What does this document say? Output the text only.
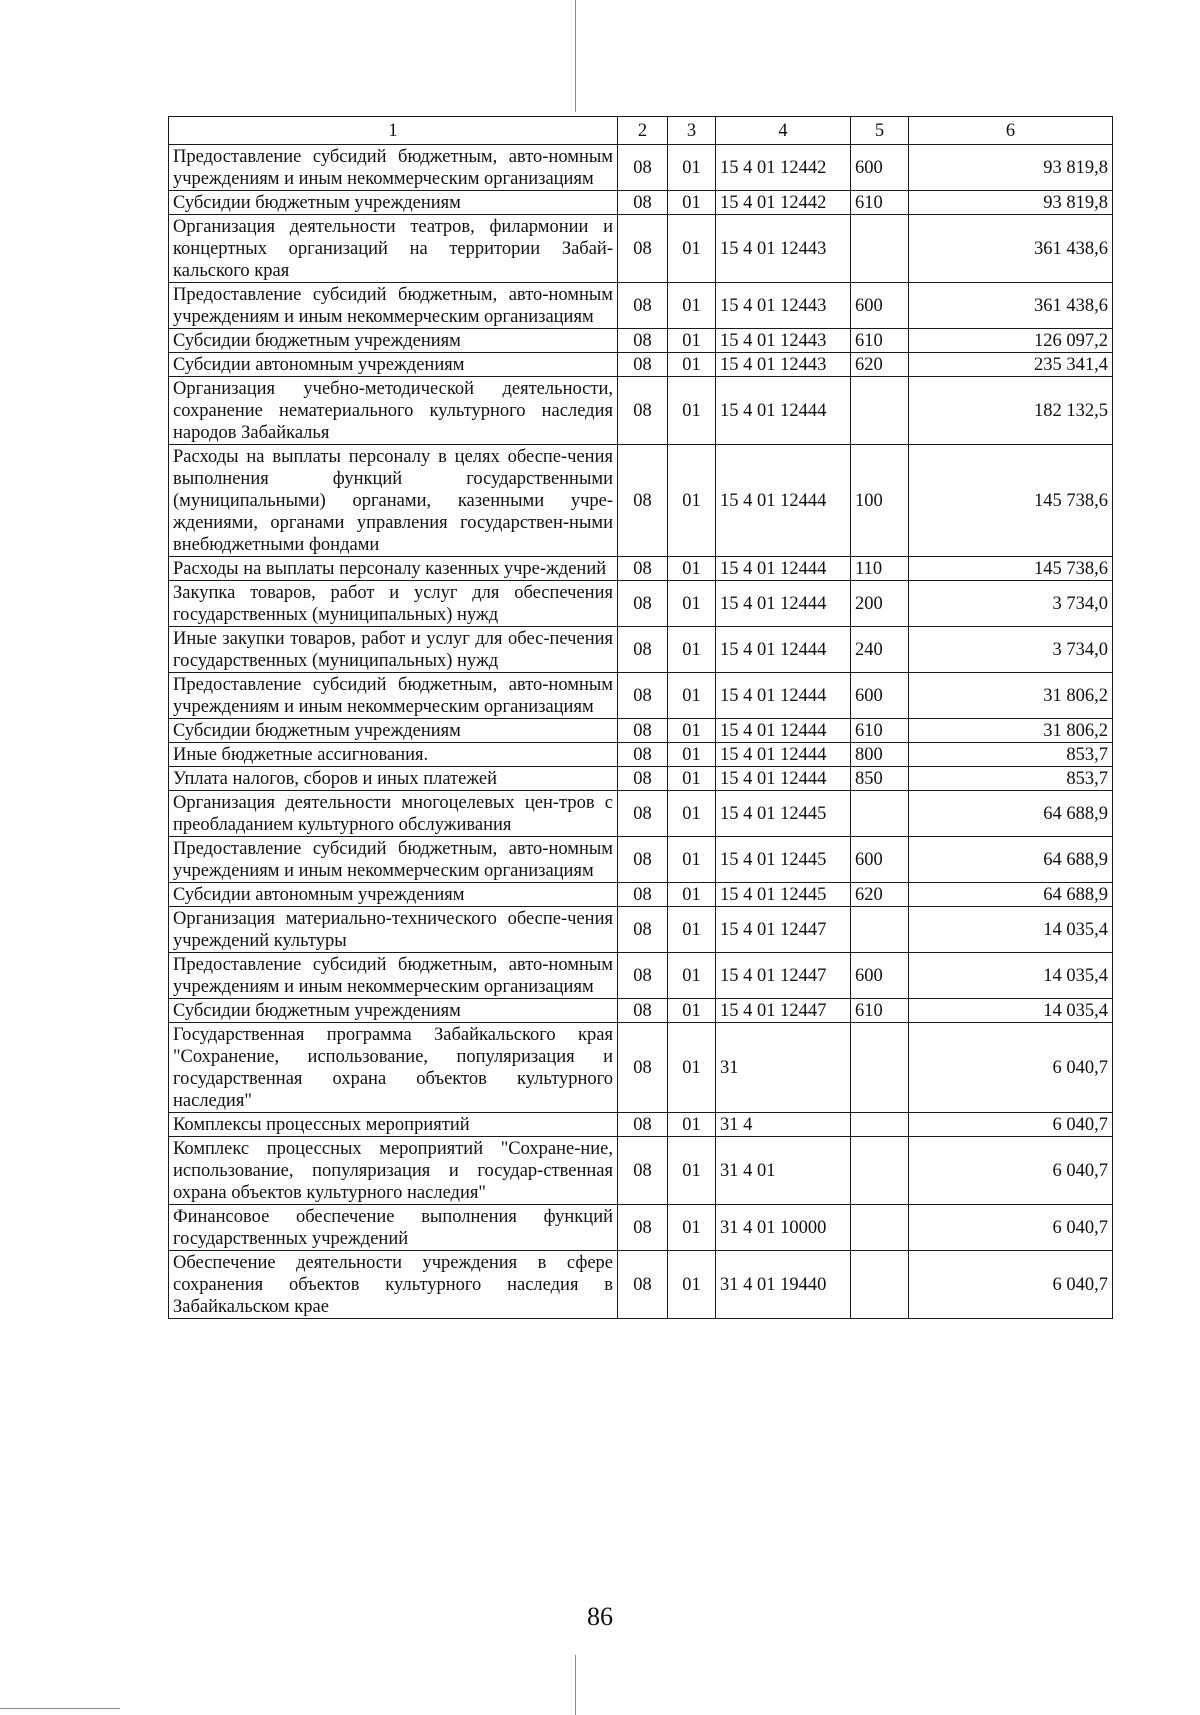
1	2	3	4	5	6
Предоставление субсидий бюджетным, авто-номным учреждениям и иным некоммерческим организациям	08	01	15 4 01 12442	600	93 819,8
Субсидии бюджетным учреждениям	08	01	15 4 01 12442	610	93 819,8
Организация деятельности театров, филармонии и концертных организаций на территории Забай-кальского края	08	01	15 4 01 12443		361 438,6
Предоставление субсидий бюджетным, авто-номным учреждениям и иным некоммерческим организациям	08	01	15 4 01 12443	600	361 438,6
Субсидии бюджетным учреждениям	08	01	15 4 01 12443	610	126 097,2
Субсидии автономным учреждениям	08	01	15 4 01 12443	620	235 341,4
Организация учебно-методической деятельности, сохранение нематериального культурного наследия народов Забайкалья	08	01	15 4 01 12444		182 132,5
Расходы на выплаты персоналу в целях обеспе-чения выполнения функций государственными (муниципальными) органами, казенными учре-ждениями, органами управления государствен-ными внебюджетными фондами	08	01	15 4 01 12444	100	145 738,6
Расходы на выплаты персоналу казенных учре-ждений	08	01	15 4 01 12444	110	145 738,6
Закупка товаров, работ и услуг для обеспечения государственных (муниципальных) нужд	08	01	15 4 01 12444	200	3 734,0
Иные закупки товаров, работ и услуг для обес-печения государственных (муниципальных) нужд	08	01	15 4 01 12444	240	3 734,0
Предоставление субсидий бюджетным, авто-номным учреждениям и иным некоммерческим организациям	08	01	15 4 01 12444	600	31 806,2
Субсидии бюджетным учреждениям	08	01	15 4 01 12444	610	31 806,2
Иные бюджетные ассигнования.	08	01	15 4 01 12444	800	853,7
Уплата налогов, сборов и иных платежей	08	01	15 4 01 12444	850	853,7
Организация деятельности многоцелевых цен-тров с преобладанием культурного обслуживания	08	01	15 4 01 12445		64 688,9
Предоставление субсидий бюджетным, авто-номным учреждениям и иным некоммерческим организациям	08	01	15 4 01 12445	600	64 688,9
Субсидии автономным учреждениям	08	01	15 4 01 12445	620	64 688,9
Организация материально-технического обеспе-чения учреждений культуры	08	01	15 4 01 12447		14 035,4
Предоставление субсидий бюджетным, авто-номным учреждениям и иным некоммерческим организациям	08	01	15 4 01 12447	600	14 035,4
Субсидии бюджетным учреждениям	08	01	15 4 01 12447	610	14 035,4
Государственная программа Забайкальского края "Сохранение, использование, популяризация и государственная охрана объектов культурного наследия"	08	01	31		6 040,7
Комплексы процессных мероприятий	08	01	31 4		6 040,7
Комплекс процессных мероприятий "Сохране-ние, использование, популяризация и государ-ственная охрана объектов культурного наследия"	08	01	31 4 01		6 040,7
Финансовое обеспечение выполнения функций государственных учреждений	08	01	31 4 01 10000		6 040,7
Обеспечение деятельности учреждения в сфере сохранения объектов культурного наследия в Забайкальском крае	08	01	31 4 01 19440		6 040,7
86
